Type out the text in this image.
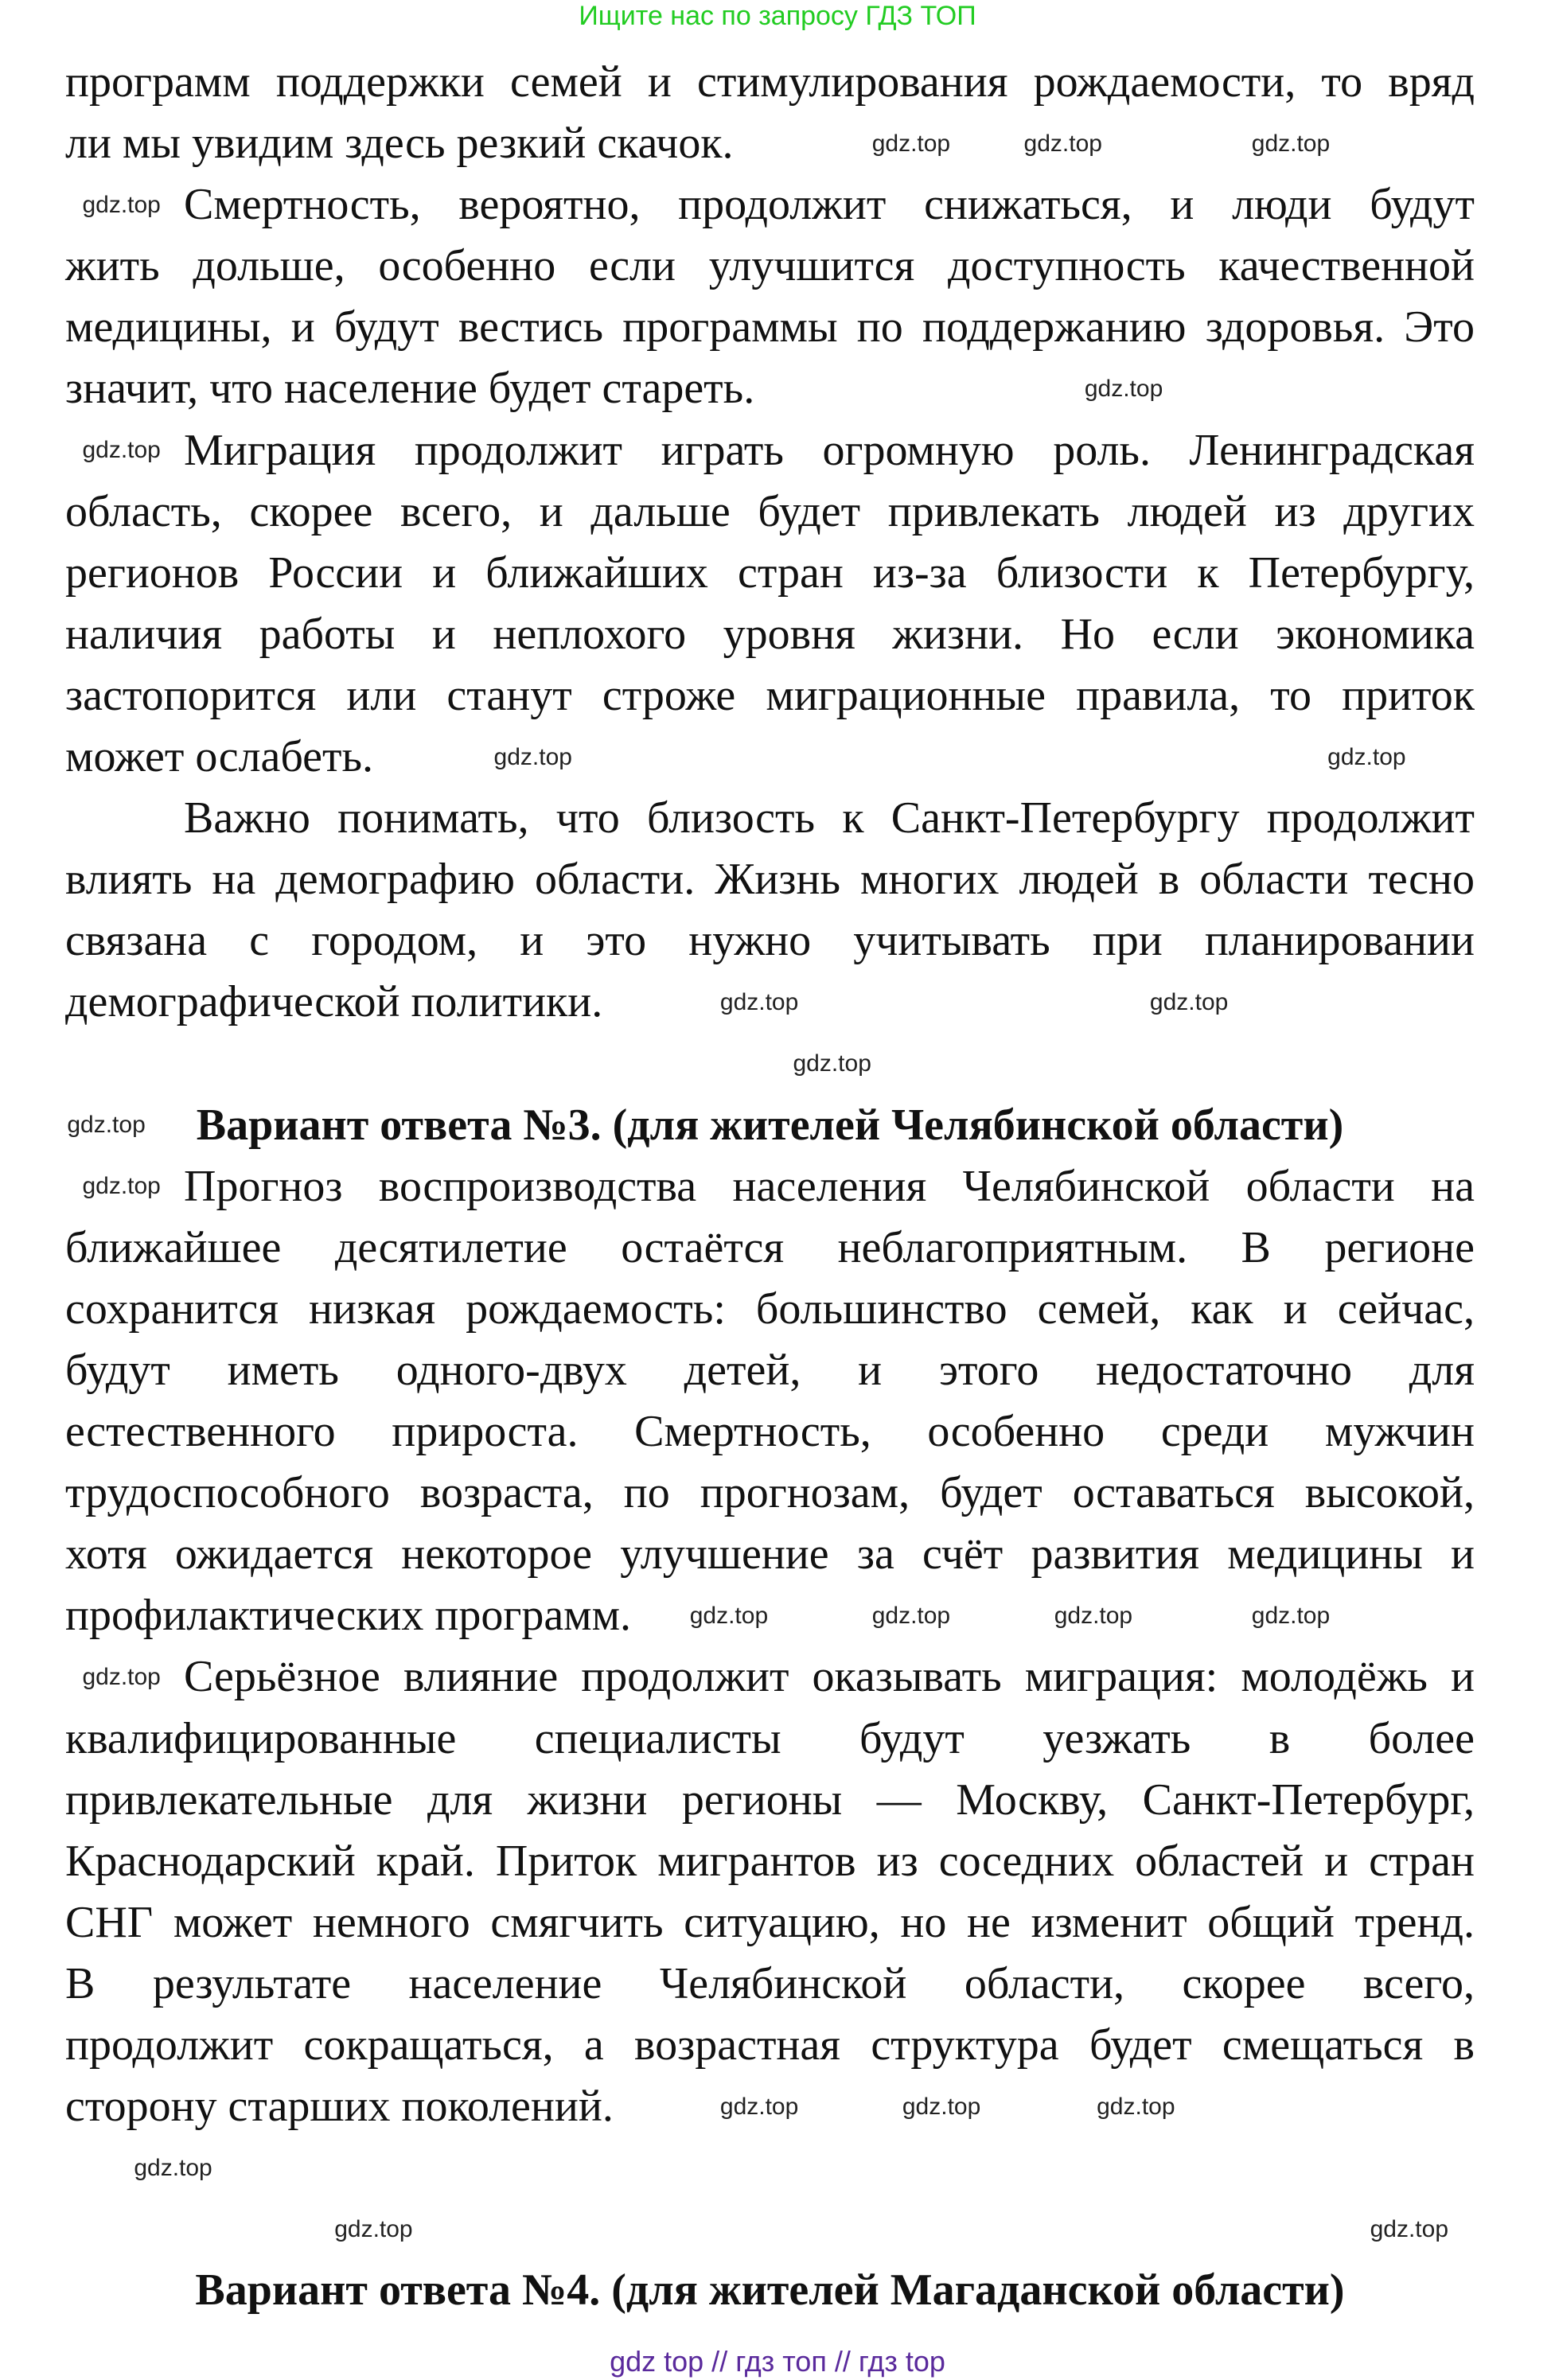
Ищите нас по запросу ГДЗ ТОП
программ поддержки семей и стимулирования рождаемости, то вряд
ли мы увидим здесь резкий скачок.
Смертность, вероятно, продолжит снижаться, и люди будут
жить дольше, особенно если улучшится доступность качественной
медицины, и будут вестись программы по поддержанию здоровья. Это
значит, что население будет стареть.
Миграция продолжит играть огромную роль. Ленинградская
область, скорее всего, и дальше будет привлекать людей из других
регионов России и ближайших стран из-за близости к Петербургу,
наличия работы и неплохого уровня жизни. Но если экономика
застопорится или станут строже миграционные правила, то приток
может ослабеть.
Важно понимать, что близость к Санкт-Петербургу продолжит
влиять на демографию области. Жизнь многих людей в области тесно
связана с городом, и это нужно учитывать при планировании
демографической политики.
Вариант ответа №3. (для жителей Челябинской области)
Прогноз воспроизводства населения Челябинской области на
ближайшее десятилетие остаётся неблагоприятным. В регионе
сохранится низкая рождаемость: большинство семей, как и сейчас,
будут иметь одного-двух детей, и этого недостаточно для
естественного прироста. Смертность, особенно среди мужчин
трудоспособного возраста, по прогнозам, будет оставаться высокой,
хотя ожидается некоторое улучшение за счёт развития медицины и
профилактических программ.
Серьёзное влияние продолжит оказывать миграция: молодёжь и
квалифицированные специалисты будут уезжать в более
привлекательные для жизни регионы — Москву, Санкт-Петербург,
Краснодарский край. Приток мигрантов из соседних областей и стран
СНГ может немного смягчить ситуацию, но не изменит общий тренд.
В результате население Челябинской области, скорее всего,
продолжит сокращаться, а возрастная структура будет смещаться в
сторону старших поколений.
Вариант ответа №4. (для жителей Магаданской области)
gdz.top	gdz.top	gdz.top
gdz.top
gdz.top
gdz.top
gdz.top	gdz.top
gdz.top	gdz.top
gdz.top
gdz.top
gdz.top
gdz.top	gdz.top	gdz.top	gdz.top
gdz.top
gdz.top	gdz.top	gdz.top
gdz.top
gdz.top
gdz.top
gdz top // гдз топ // гдз top
